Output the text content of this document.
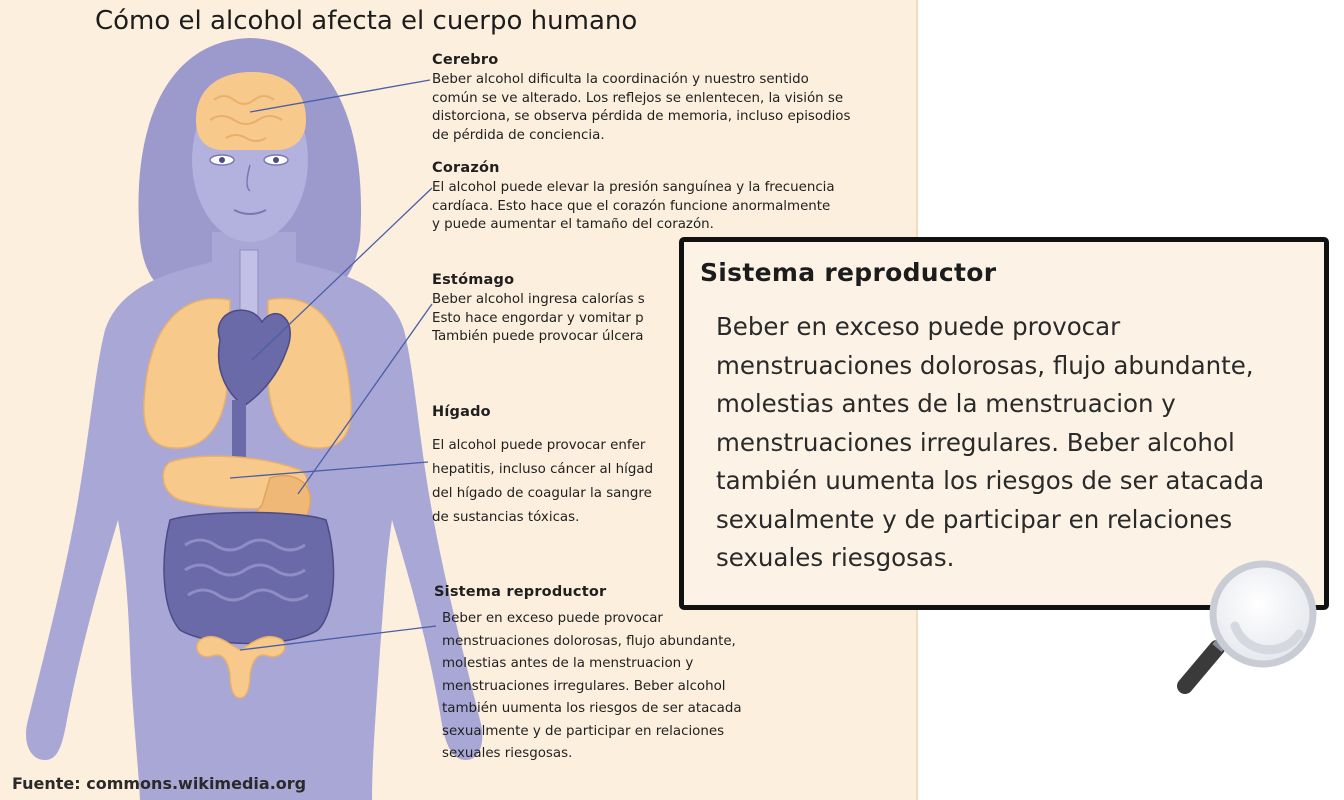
Cómo el alcohol afecta el cuerpo humano
Cerebro

Beber alcohol dificulta la coordinación y nuestro sentido
común se ve alterado. Los reflejos se enlentecen, la visión se
distorciona, se observa pérdida de memoria, incluso episodios
de pérdida de conciencia.

Corazón

El alcohol puede elevar la presión sanguínea y la frecuencia
cardíaca. Esto hace que el corazón funcione anormalmente
y puede aumentar el tamaño del corazón.

Estómago

Beber alcohol ingresa calorías s
Esto hace engordar y vomitar p
También puede provocar úlcera

Hígado

El alcohol puede provocar enfer
hepatitis, incluso cáncer al hígad
del hígado de coagular la sangre
de sustancias tóxicas.

Sistema reproductor

Beber en exceso puede provocar
menstruaciones dolorosas, flujo abundante,
molestias antes de la menstruacion y
menstruaciones irregulares. Beber alcohol
también uumenta los riesgos de ser atacada
sexualmente y de participar en relaciones
sexuales riesgosas.

Fuente: commons.wikimedia.org
Sistema reproductor

Beber en exceso puede provocar
menstruaciones dolorosas, flujo abundante,
molestias antes de la menstruacion y
menstruaciones irregulares. Beber alcohol
también uumenta los riesgos de ser atacada
sexualmente y de participar en relaciones
sexuales riesgosas.
